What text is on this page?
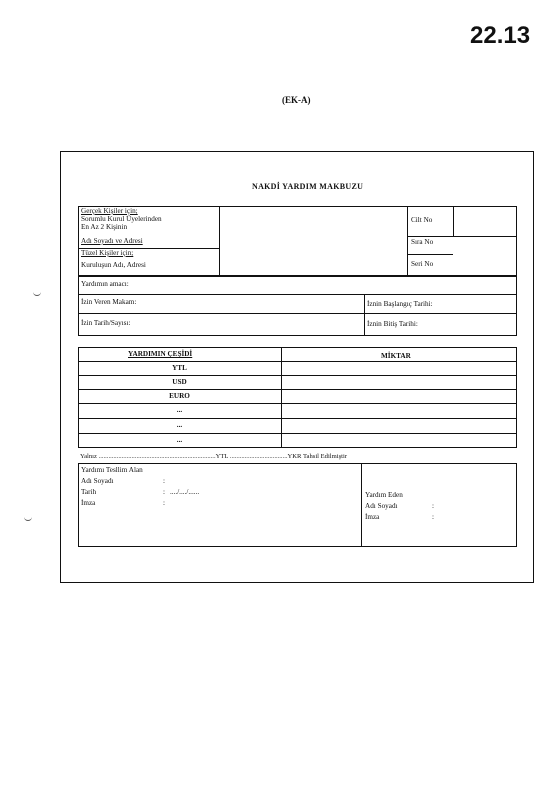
22.13
(EK-A)
NAKDİ YARDIM MAKBUZU
Gerçek Kişiler için;
Sorumlu Kurul Üyelerinden
En Az 2 Kişinin
Adı Soyadı ve Adresi
Tüzel Kişiler için;
Kuruluşun Adı, Adresi
Cilt No
Sıra No
Seri No
Yardımın amacı:
İzin Veren Makam:	İznin Başlangıç Tarihi:
İzin Tarih/Sayısı:	İznin Bitiş Tarihi:
YARDIMIN ÇEŞİDİ	MİKTAR
YTL
USD
EURO
...
...
...
Yalnız .......................................................................YTL ...................................YKR Tahsil Edilmiştir
Yardımı Tesllim Alan
Adı Soyadı	:
Tarih	: ..../..../......
İmza	:
Yardım Eden
Adı Soyadı	:
İmza	:
